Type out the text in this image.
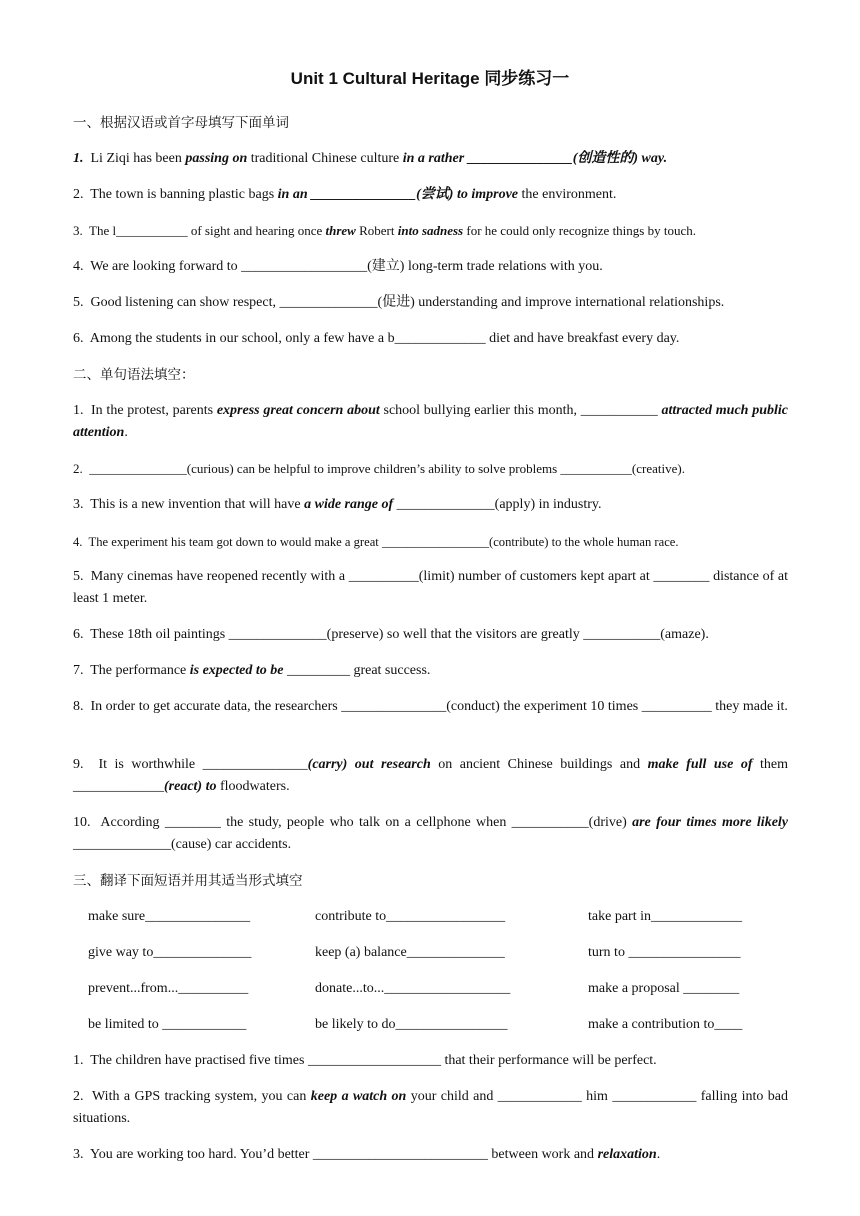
Unit 1 Cultural Heritage 同步练习一
一、根据汉语或首字母填写下面单词
1. Li Ziqi has been passing on traditional Chinese culture in a rather _______________(创造性的) way.
2. The town is banning plastic bags in an _______________(尝试) to improve the environment.
3. The l___________ of sight and hearing once threw Robert into sadness for he could only recognize things by touch.
4. We are looking forward to __________________(建立) long-term trade relations with you.
5. Good listening can show respect, ______________(促进) understanding and improve international relationships.
6. Among the students in our school, only a few have a b_____________ diet and have breakfast every day.
二、单句语法填空：
1. In the protest, parents express great concern about school bullying earlier this month, ___________ attracted much public attention.
2. _______________(curious) can be helpful to improve children’s ability to solve problems ___________(creative).
3. This is a new invention that will have a wide range of ______________(apply) in industry.
4. The experiment his team got down to would make a great _________________(contribute) to the whole human race.
5. Many cinemas have reopened recently with a __________(limit) number of customers kept apart at ________ distance of at least 1 meter.
6. These 18th oil paintings ______________(preserve) so well that the visitors are greatly ___________(amaze).
7. The performance is expected to be _________ great success.
8. In order to get accurate data, the researchers _______________(conduct) the experiment 10 times __________ they made it.
9. It is worthwhile _______________(carry) out research on ancient Chinese buildings and make full use of them _____________(react) to floodwaters.
10. According ________ the study, people who talk on a cellphone when ___________(drive) are four times more likely ______________(cause) car accidents.
三、翻译下面短语并用其适当形式填空
make sure_______________	contribute to_________________	take part in_____________
give way to______________	keep (a) balance______________	turn to ________________
prevent...from...__________	donate...to...__________________	make a proposal ________
be limited to ____________	be likely to do________________	make a contribution to____
1. The children have practised five times ___________________ that their performance will be perfect.
2. With a GPS tracking system, you can keep a watch on your child and ____________ him ____________ falling into bad situations.
3. You are working too hard. You’d better _________________________ between work and relaxation.
